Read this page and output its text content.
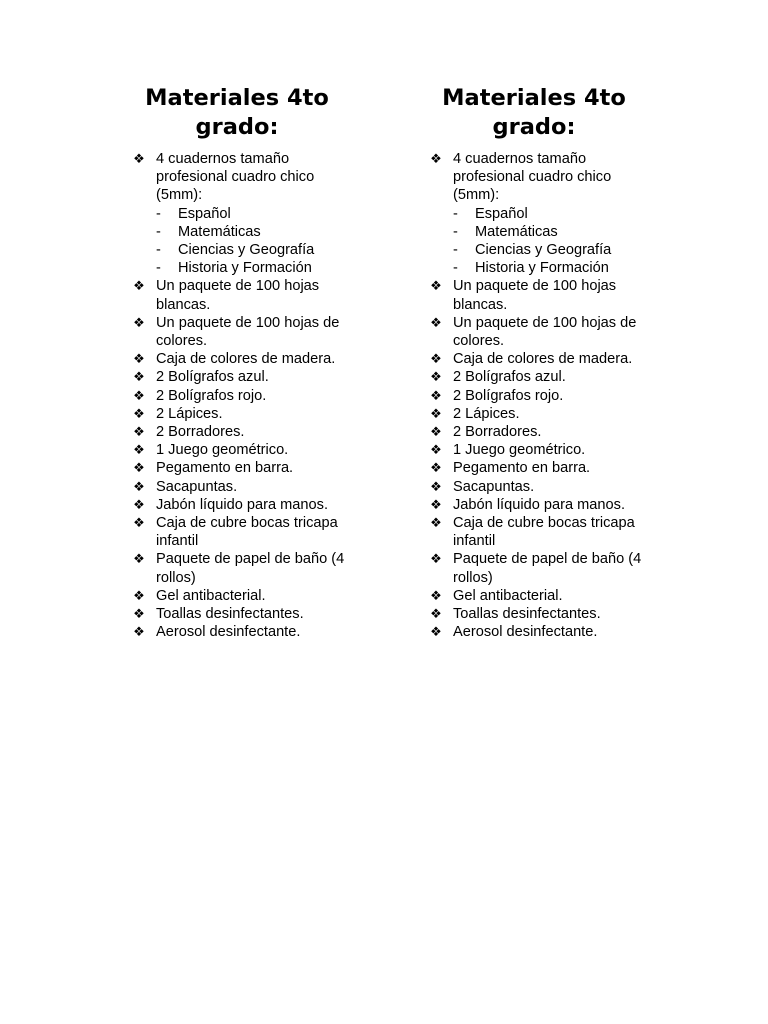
Materiales 4to grado:
❖ 4 cuadernos tamaño profesional cuadro chico (5mm):
- Español
- Matemáticas
- Ciencias y Geografía
- Historia y Formación
❖ Un paquete de 100 hojas blancas.
❖ Un paquete de 100 hojas de colores.
❖ Caja de colores de madera.
❖ 2 Bolígrafos azul.
❖ 2 Bolígrafos rojo.
❖ 2 Lápices.
❖ 2 Borradores.
❖ 1 Juego geométrico.
❖ Pegamento en barra.
❖ Sacapuntas.
❖ Jabón líquido para manos.
❖ Caja de cubre bocas tricapa infantil
❖ Paquete de papel de baño (4 rollos)
❖ Gel antibacterial.
❖ Toallas desinfectantes.
❖ Aerosol desinfectante.
Materiales 4to grado:
❖ 4 cuadernos tamaño profesional cuadro chico (5mm):
- Español
- Matemáticas
- Ciencias y Geografía
- Historia y Formación
❖ Un paquete de 100 hojas blancas.
❖ Un paquete de 100 hojas de colores.
❖ Caja de colores de madera.
❖ 2 Bolígrafos azul.
❖ 2 Bolígrafos rojo.
❖ 2 Lápices.
❖ 2 Borradores.
❖ 1 Juego geométrico.
❖ Pegamento en barra.
❖ Sacapuntas.
❖ Jabón líquido para manos.
❖ Caja de cubre bocas tricapa infantil
❖ Paquete de papel de baño (4 rollos)
❖ Gel antibacterial.
❖ Toallas desinfectantes.
❖ Aerosol desinfectante.
